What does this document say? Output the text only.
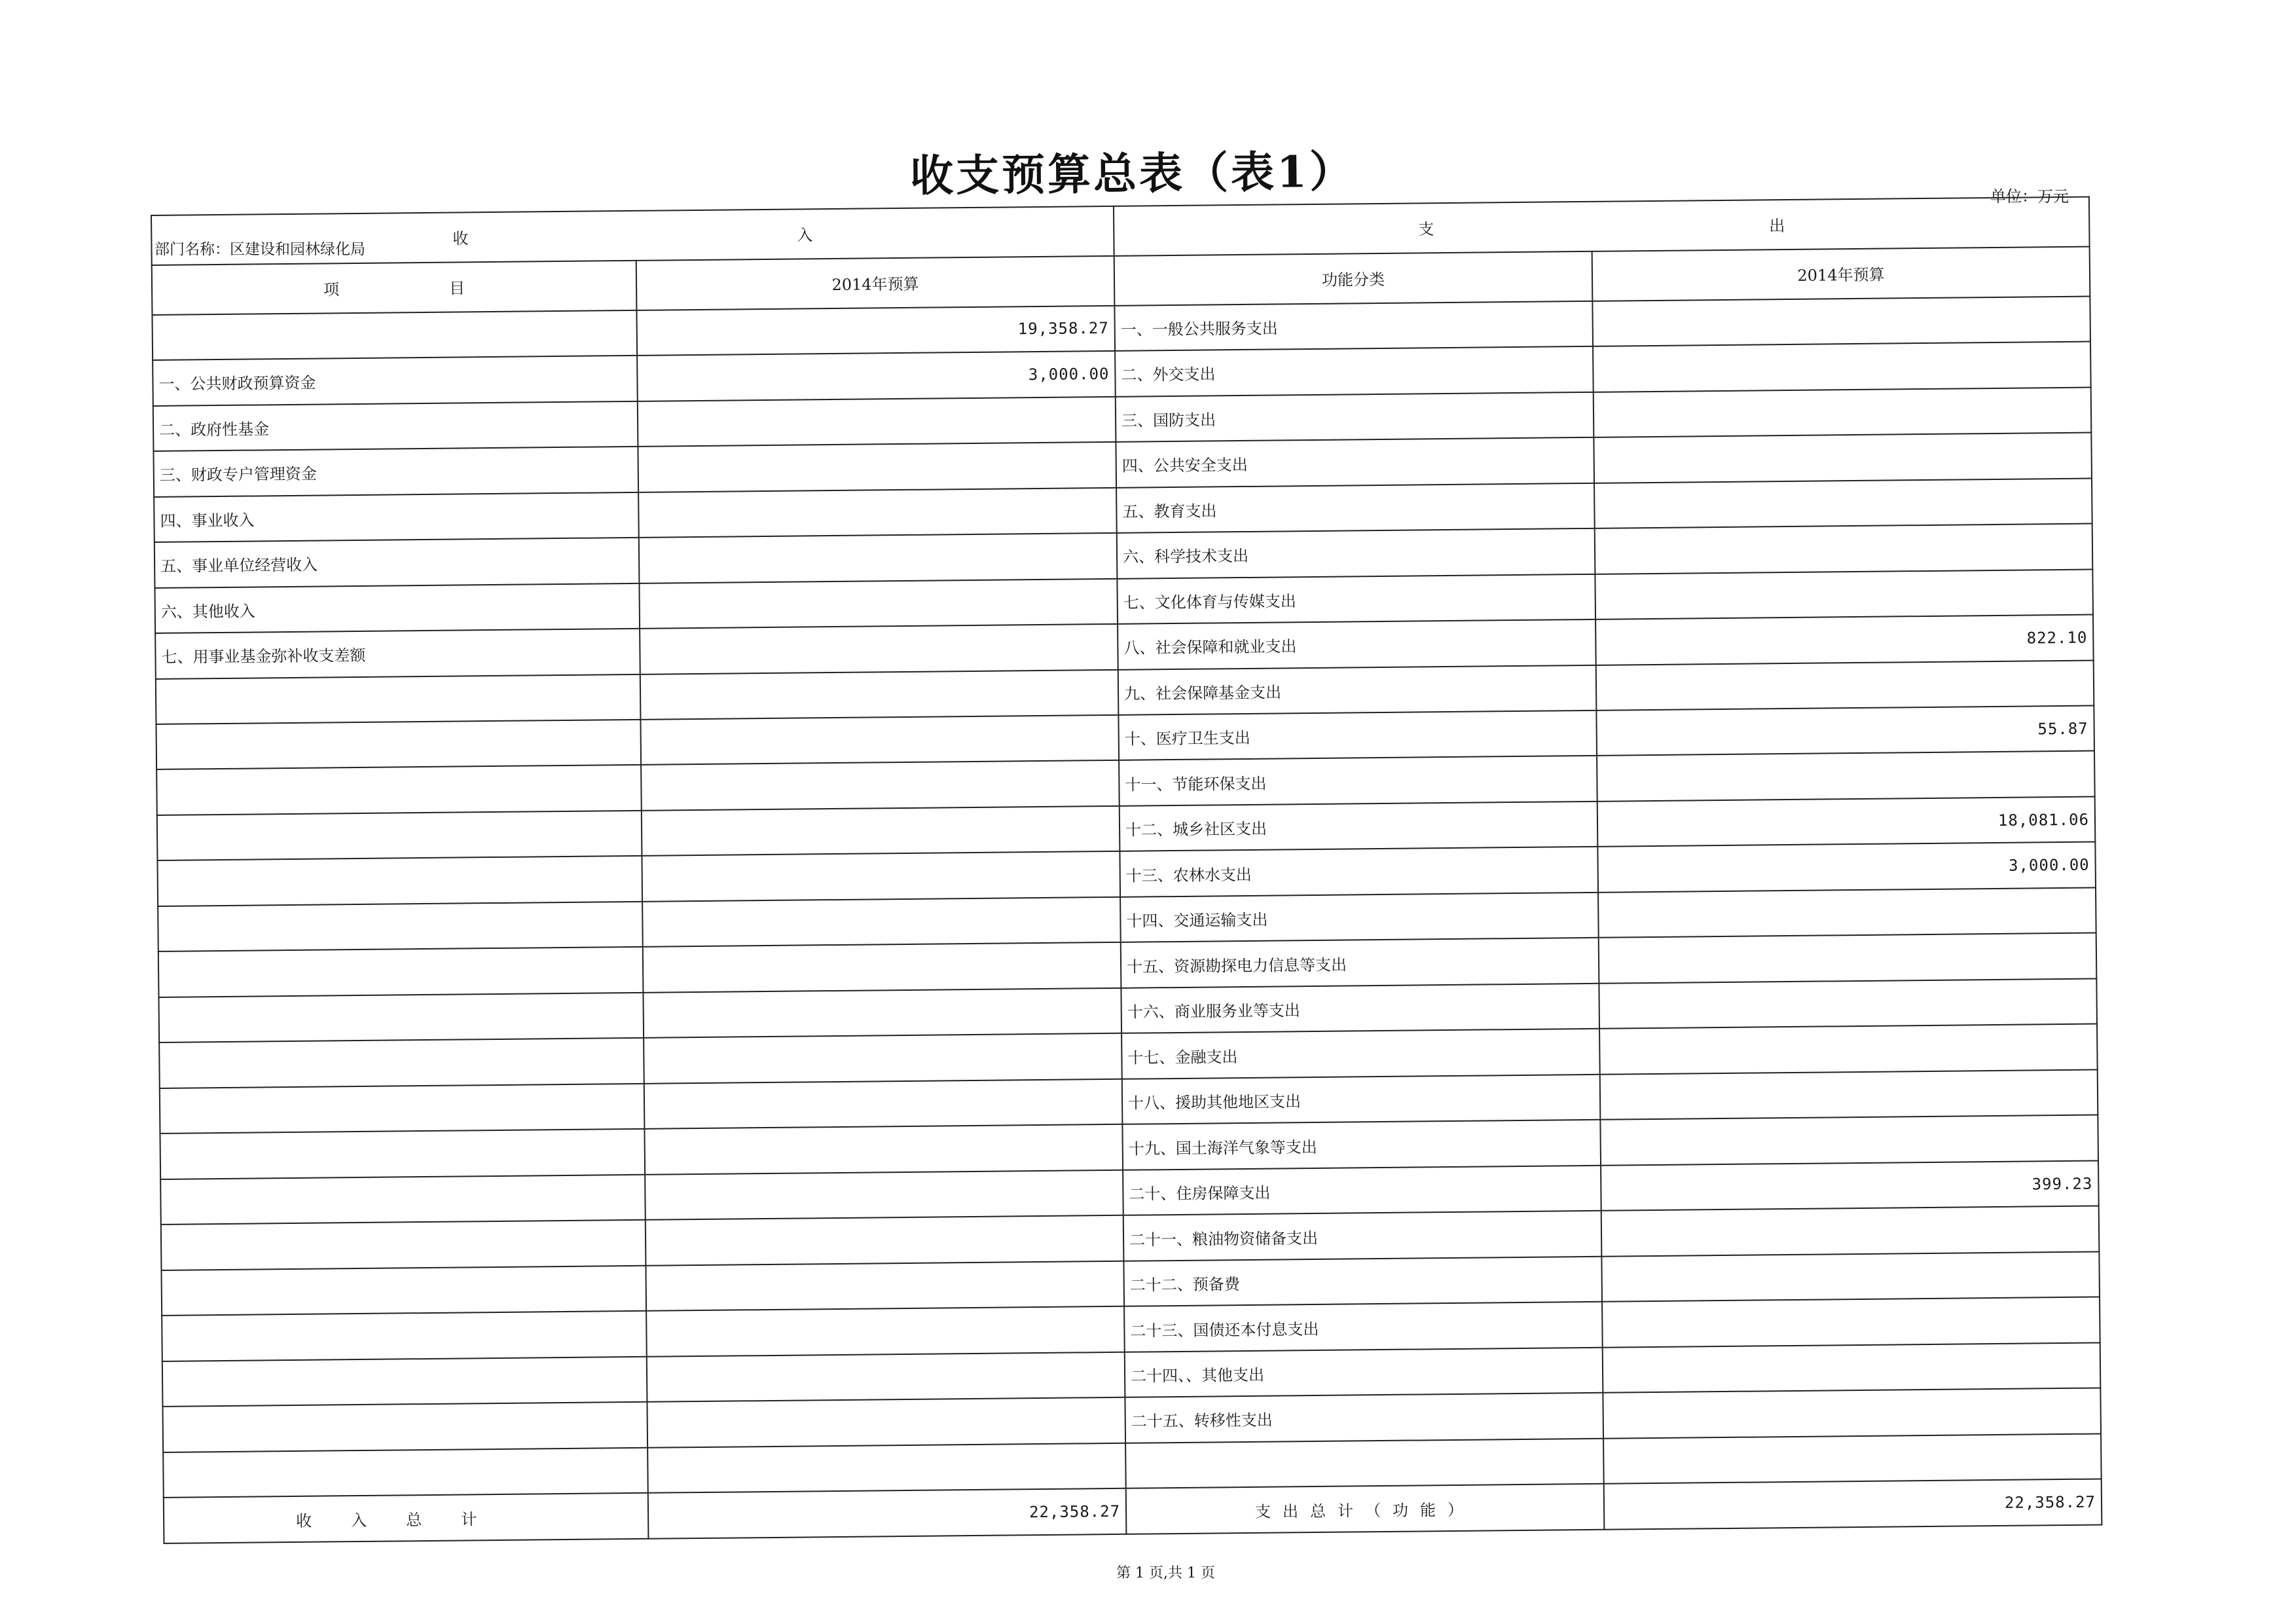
收支预算总表（表1）	单位：万元
部门名称：区建设和园林绿化局
收 入		支 出	

项　　　　　　　目	2014年预算	功能分类	2014年预算
	19,358.27	一、一般公共服务支出	
一、公共财政预算资金	3,000.00	二、外交支出	
二、政府性基金		三、国防支出	
三、财政专户管理资金		四、公共安全支出	
四、事业收入		五、教育支出	
五、事业单位经营收入		六、科学技术支出	
六、其他收入		七、文化体育与传媒支出	
七、用事业基金弥补收支差额		八、社会保障和就业支出	822.10
		九、社会保障基金支出	
		十、医疗卫生支出	55.87
		十一、节能环保支出	
		十二、城乡社区支出	18,081.06
		十三、农林水支出	3,000.00
		十四、交通运输支出	
		十五、资源勘探电力信息等支出	
		十六、商业服务业等支出	
		十七、金融支出	
		十八、援助其他地区支出	
		十九、国土海洋气象等支出	
		二十、住房保障支出	399.23
		二十一、粮油物资储备支出	
		二十二、预备费	
		二十三、国债还本付息支出	
		二十四、、其他支出	
		二十五、转移性支出	

收入总计	22,358.27	支出总计（功能）	22,358.27
第 1 页,共 1 页
